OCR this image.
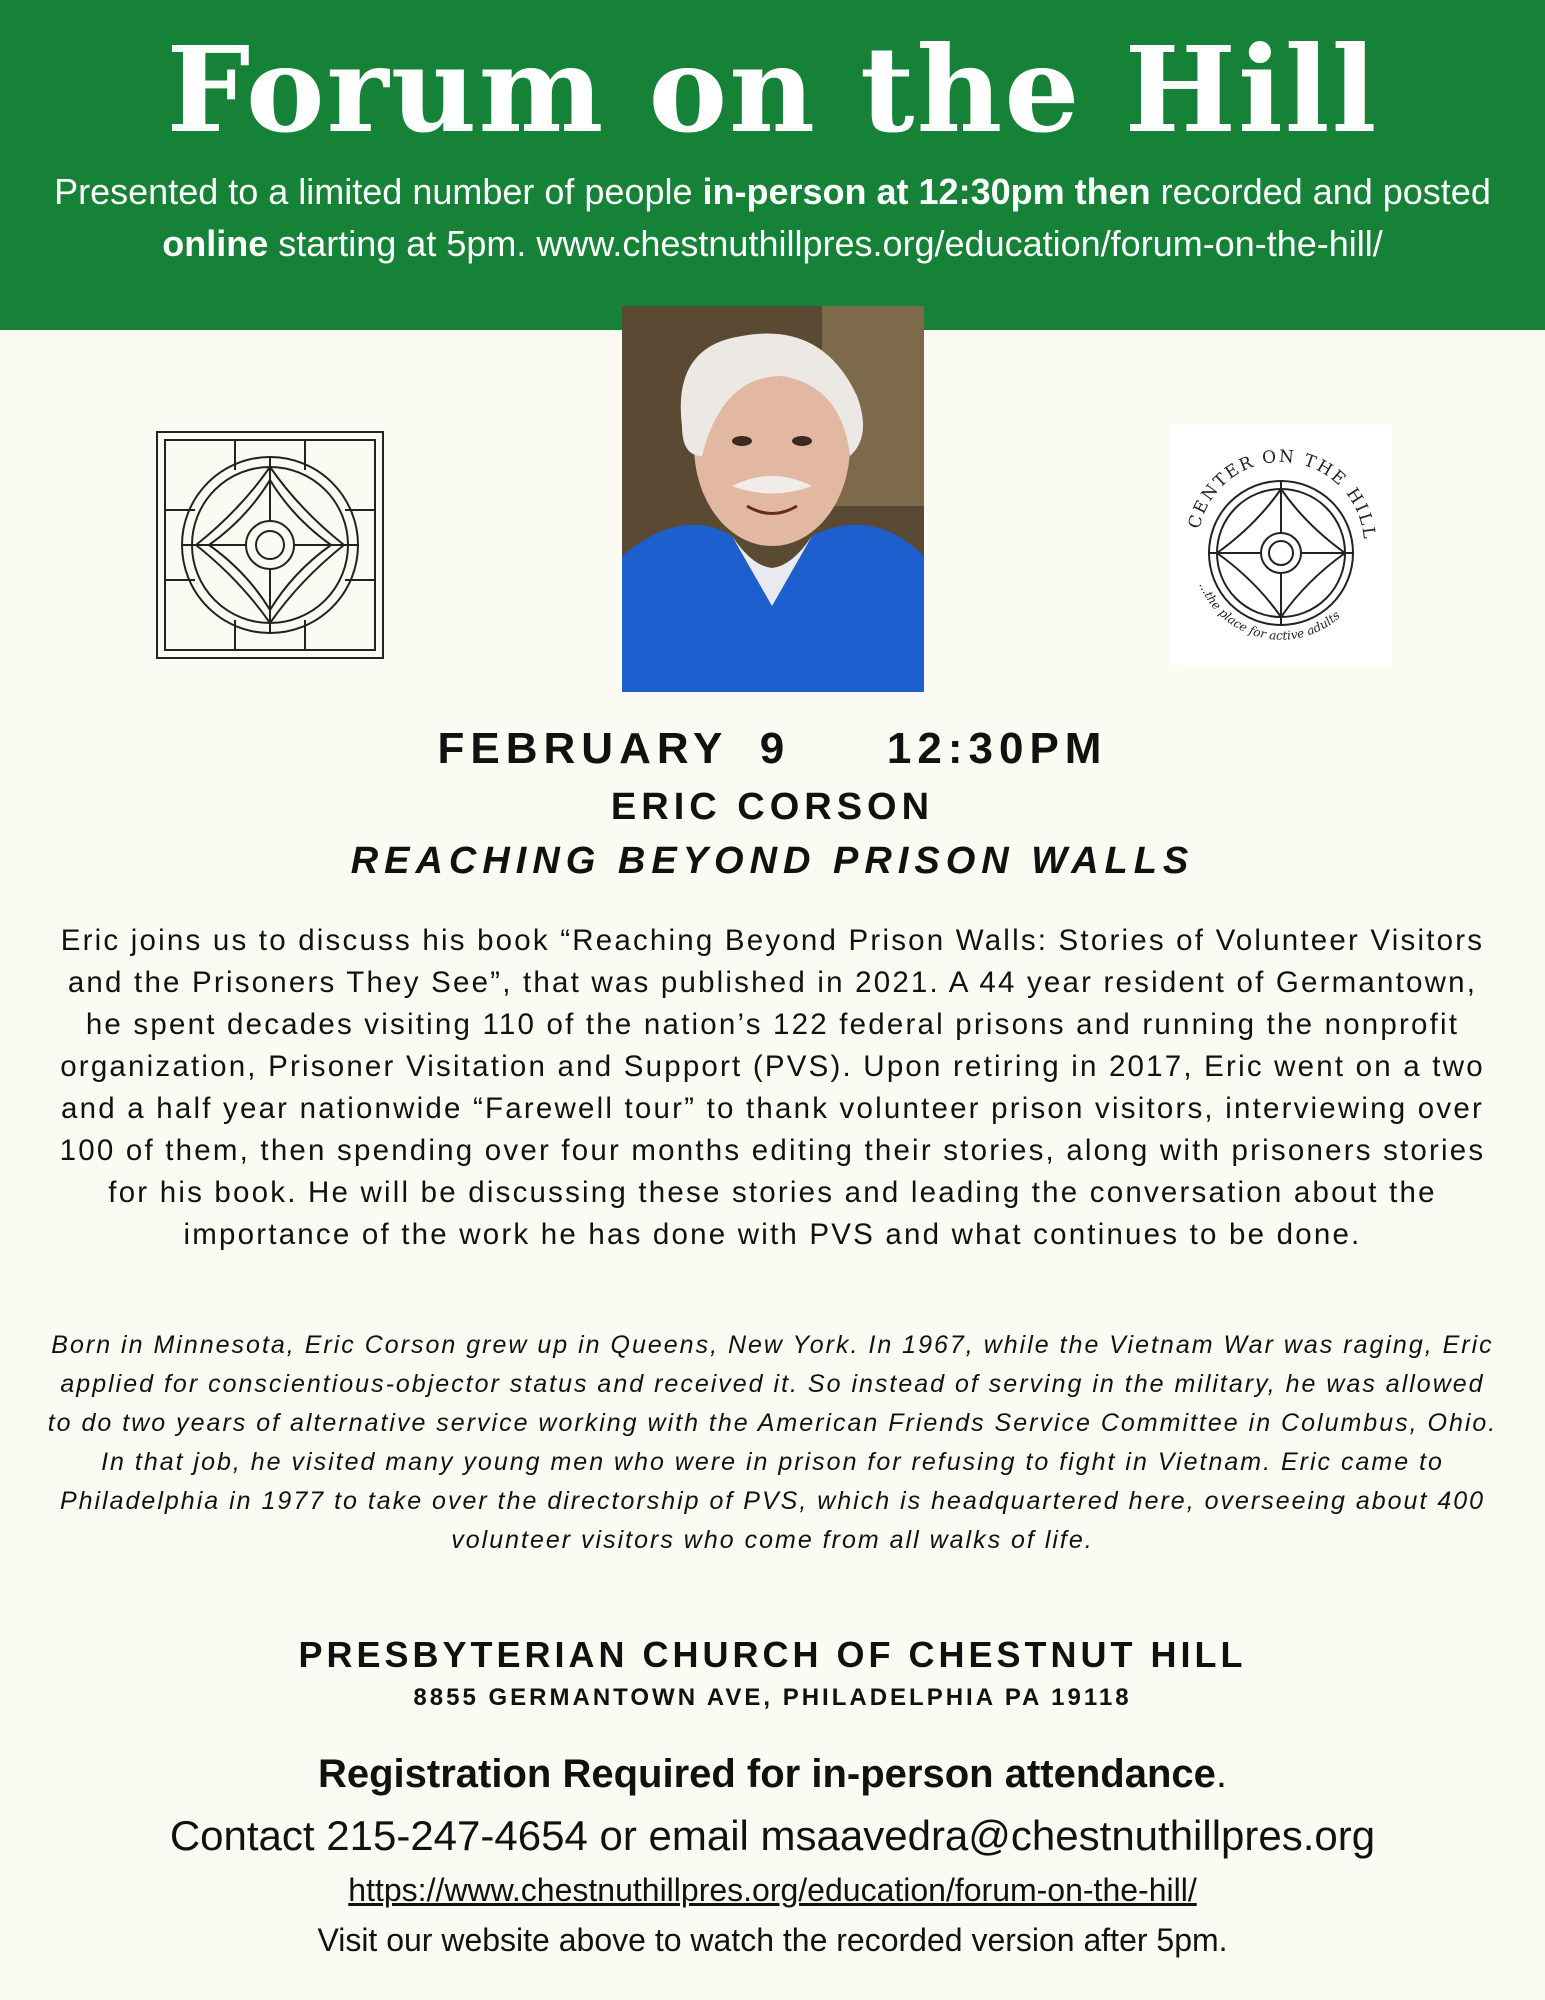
Forum on the Hill
Presented to a limited number of people in-person at 12:30pm then recorded and posted
online starting at 5pm. www.chestnuthillpres.org/education/forum-on-the-hill/
CENTER ON THE HILL
...the place for active adults
FEBRUARY 9 12:30PM
ERIC CORSON
REACHING BEYOND PRISON WALLS

Eric joins us to discuss his book “Reaching Beyond Prison Walls: Stories of Volunteer Visitors and the Prisoners They See”, that was published in 2021. A 44 year resident of Germantown, he spent decades visiting 110 of the nation’s 122 federal prisons and running the nonprofit organization, Prisoner Visitation and Support (PVS). Upon retiring in 2017, Eric went on a two and a half year nationwide “Farewell tour” to thank volunteer prison visitors, interviewing over 100 of them, then spending over four months editing their stories, along with prisoners stories for his book. He will be discussing these stories and leading the conversation about the importance of the work he has done with PVS and what continues to be done.

Born in Minnesota, Eric Corson grew up in Queens, New York. In 1967, while the Vietnam War was raging, Eric applied for conscientious-objector status and received it. So instead of serving in the military, he was allowed to do two years of alternative service working with the American Friends Service Committee in Columbus, Ohio. In that job, he visited many young men who were in prison for refusing to fight in Vietnam. Eric came to Philadelphia in 1977 to take over the directorship of PVS, which is headquartered here, overseeing about 400 volunteer visitors who come from all walks of life.

PRESBYTERIAN CHURCH OF CHESTNUT HILL
8855 GERMANTOWN AVE, PHILADELPHIA PA 19118
Registration Required for in-person attendance.
Contact 215-247-4654 or email msaavedra@chestnuthillpres.org
https://www.chestnuthillpres.org/education/forum-on-the-hill/
Visit our website above to watch the recorded version after 5pm.
